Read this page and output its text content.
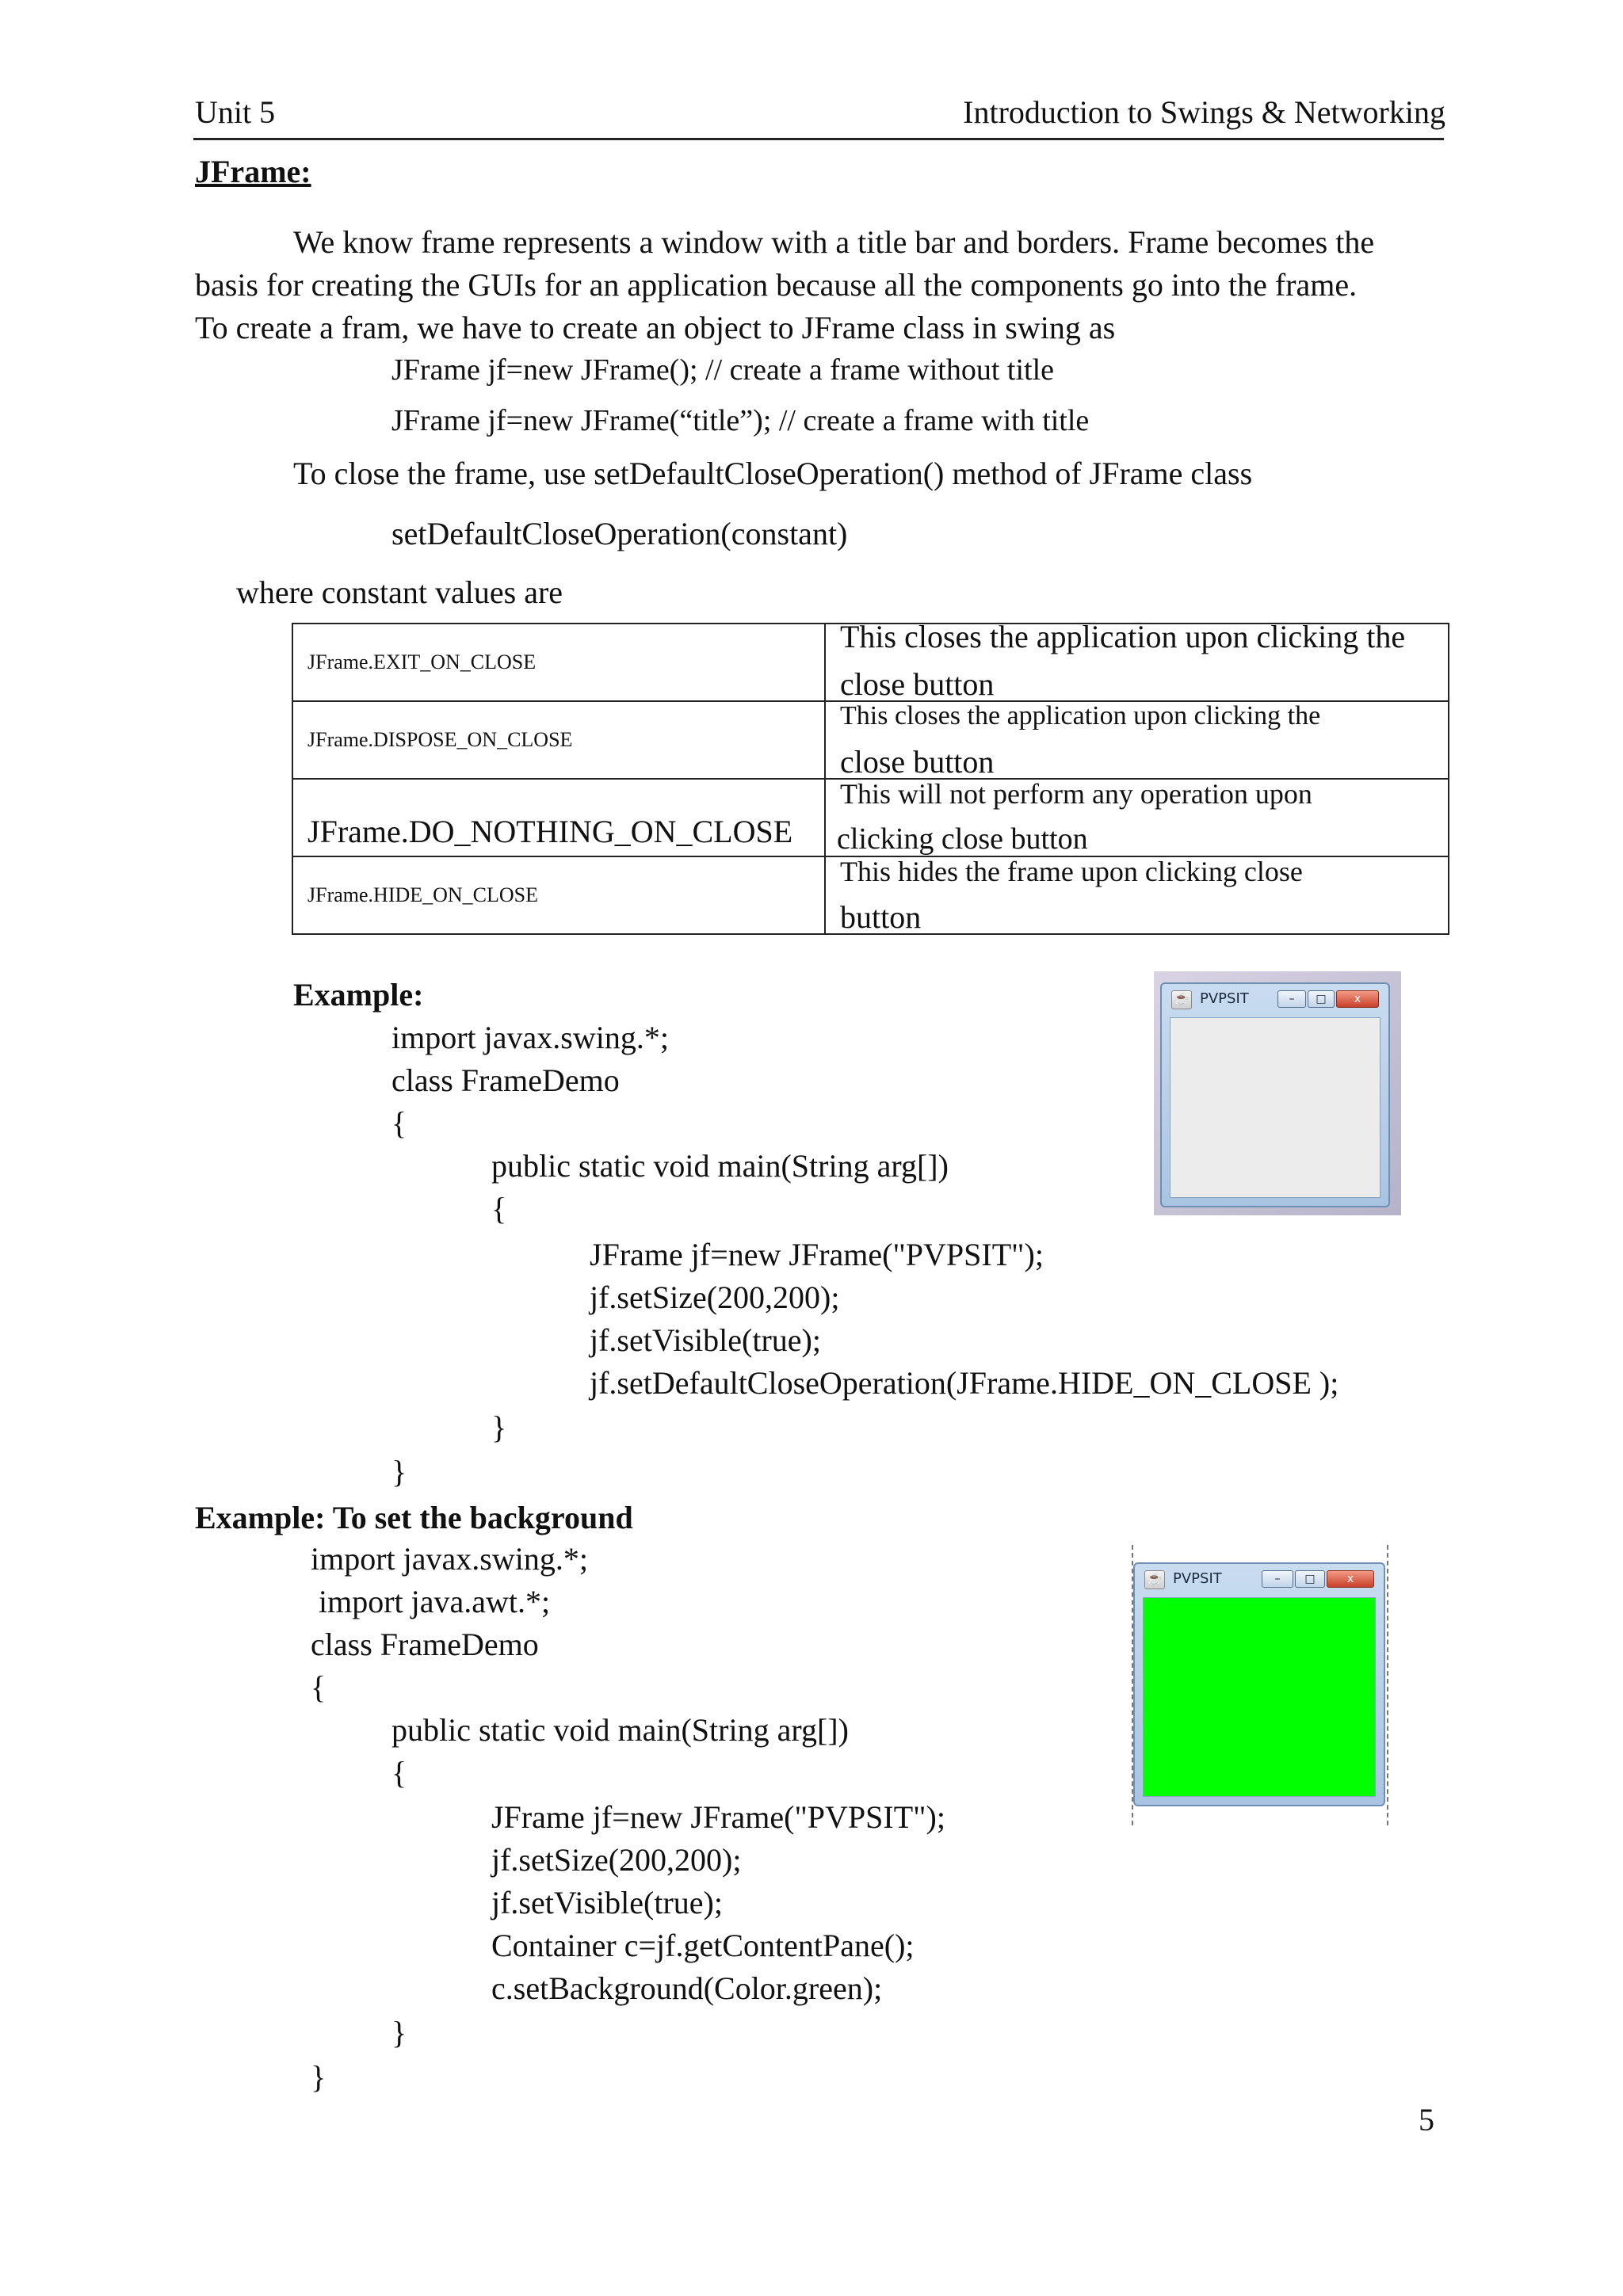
Unit 5	Introduction to Swings & Networking
JFrame:
We know frame represents a window with a title bar and borders. Frame becomes the
basis for creating the GUIs for an application because all the components go into the frame.
To create a fram, we have to create an object to JFrame class in swing as
JFrame jf=new JFrame(); // create a frame without title
JFrame jf=new JFrame(“title”); // create a frame with title
To close the frame, use setDefaultCloseOperation() method of JFrame class
setDefaultCloseOperation(constant)
where constant values are
JFrame.EXIT_ON_CLOSE	This closes the application upon clicking the
close button

JFrame.DISPOSE_ON_CLOSE	This closes the application upon clicking the
close button

JFrame.DO_NOTHING_ON_CLOSE	This will not perform any operation upon
clicking close button

JFrame.HIDE_ON_CLOSE	This hides the frame upon clicking close
button
Example:
import javax.swing.*;
class FrameDemo
{
public static void main(String arg[])
{
JFrame jf=new JFrame("PVPSIT");
jf.setSize(200,200);
jf.setVisible(true);
jf.setDefaultCloseOperation(JFrame.HIDE_ON_CLOSE );
}
}
☕ PVPSIT	–	□	x
Example: To set the background
import javax.swing.*;
import java.awt.*;
class FrameDemo
{
public static void main(String arg[])
{
JFrame jf=new JFrame("PVPSIT");
jf.setSize(200,200);
jf.setVisible(true);
Container c=jf.getContentPane();
c.setBackground(Color.green);
}
}
☕ PVPSIT	–	□	x
5
